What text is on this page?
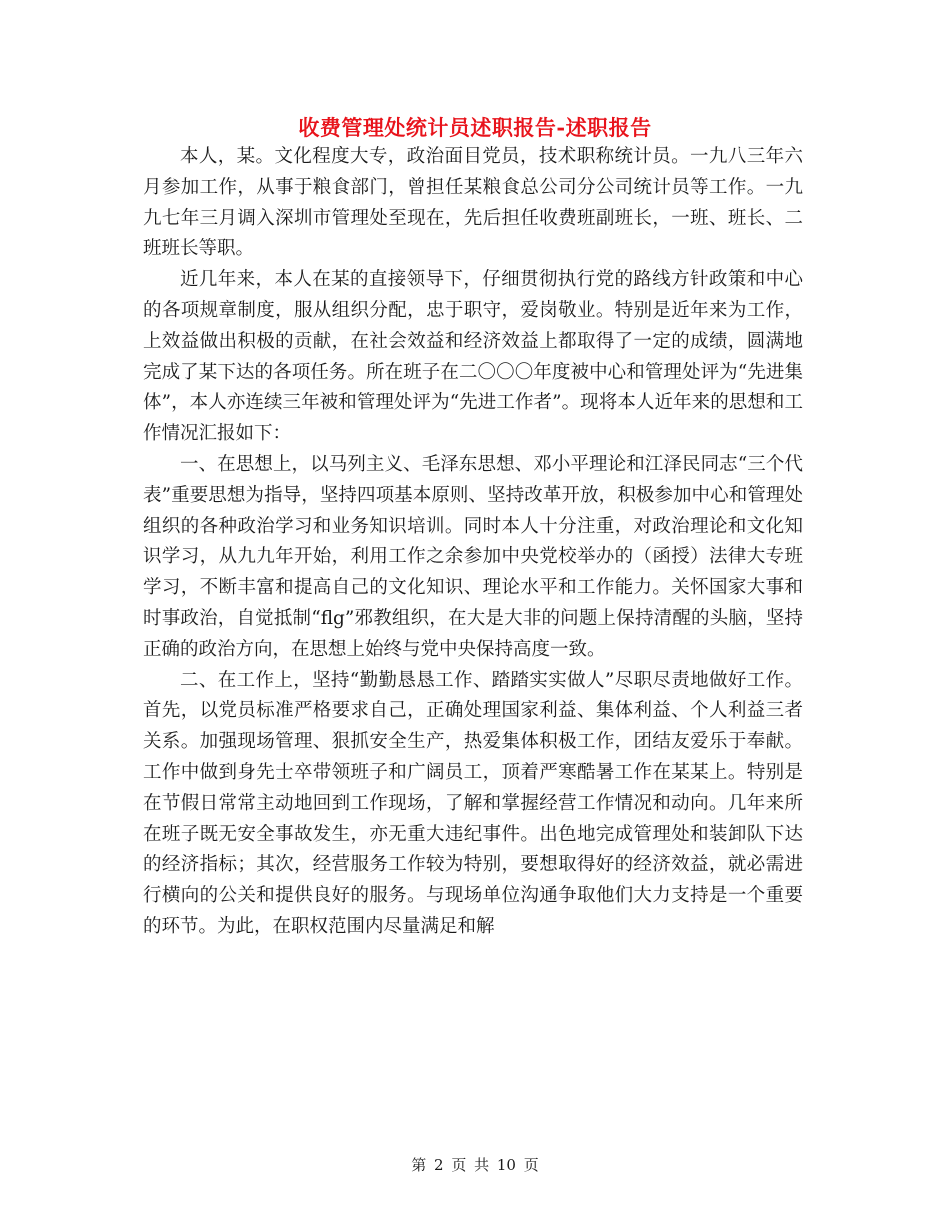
收费管理处统计员述职报告-述职报告

本人，某。文化程度大专，政治面目党员，技术职称统计员。一九八三年六月参加工作，从事于粮食部门，曾担任某粮食总公司分公司统计员等工作。一九九七年三月调入深圳市管理处至现在，先后担任收费班副班长，一班、班长、二班班长等职。

近几年来，本人在某的直接领导下，仔细贯彻执行党的路线方针政策和中心的各项规章制度，服从组织分配，忠于职守，爱岗敬业。特别是近年来为工作，上效益做出积极的贡献，在社会效益和经济效益上都取得了一定的成绩，圆满地完成了某下达的各项任务。所在班子在二〇〇〇年度被中心和管理处评为“先进集体”，本人亦连续三年被和管理处评为“先进工作者”。现将本人近年来的思想和工作情况汇报如下：

一、在思想上，以马列主义、毛泽东思想、邓小平理论和江泽民同志“三个代表”重要思想为指导，坚持四项基本原则、坚持改革开放，积极参加中心和管理处组织的各种政治学习和业务知识培训。同时本人十分注重，对政治理论和文化知识学习，从九九年开始，利用工作之余参加中央党校举办的（函授）法律大专班学习，不断丰富和提高自己的文化知识、理论水平和工作能力。关怀国家大事和时事政治，自觉抵制“flg”邪教组织，在大是大非的问题上保持清醒的头脑，坚持正确的政治方向，在思想上始终与党中央保持高度一致。

二、在工作上，坚持“勤勤恳恳工作、踏踏实实做人”尽职尽责地做好工作。首先，以党员标准严格要求自己，正确处理国家利益、集体利益、个人利益三者关系。加强现场管理、狠抓安全生产，热爱集体积极工作，团结友爱乐于奉献。工作中做到身先士卒带领班子和广阔员工，顶着严寒酷暑工作在某某上。特别是在节假日常常主动地回到工作现场，了解和掌握经营工作情况和动向。几年来所在班子既无安全事故发生，亦无重大违纪事件。出色地完成管理处和装卸队下达的经济指标；其次，经营服务工作较为特别，要想取得好的经济效益，就必需进行横向的公关和提供良好的服务。与现场单位沟通争取他们大力支持是一个重要的环节。为此，在职权范围内尽量满足和解

第 2 页 共 10 页
